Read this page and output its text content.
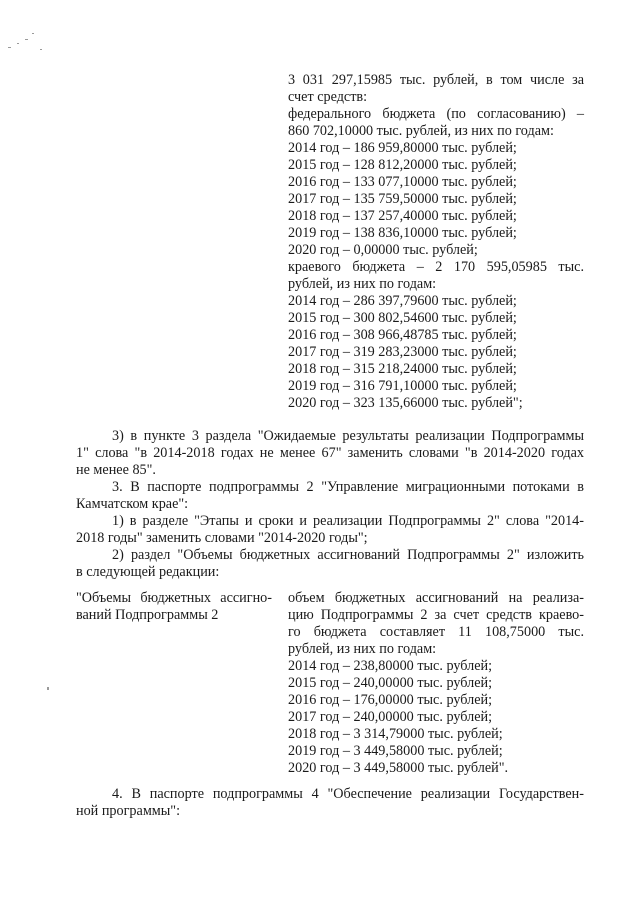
3 031 297,15985 тыс. рублей, в том числе за
счет средств:
федерального бюджета (по согласованию) –
860 702,10000 тыс. рублей, из них по годам:
2014 год – 186 959,80000 тыс. рублей;
2015 год – 128 812,20000 тыс. рублей;
2016 год – 133 077,10000 тыс. рублей;
2017 год – 135 759,50000 тыс. рублей;
2018 год – 137 257,40000 тыс. рублей;
2019 год – 138 836,10000 тыс. рублей;
2020 год – 0,00000 тыс. рублей;
краевого бюджета – 2 170 595,05985 тыс.
рублей, из них по годам:
2014 год – 286 397,79600 тыс. рублей;
2015 год – 300 802,54600 тыс. рублей;
2016 год – 308 966,48785 тыс. рублей;
2017 год – 319 283,23000 тыс. рублей;
2018 год – 315 218,24000 тыс. рублей;
2019 год – 316 791,10000 тыс. рублей;
2020 год – 323 135,66000 тыс. рублей";
3) в пункте 3 раздела "Ожидаемые результаты реализации Подпрограммы
1" слова "в 2014-2018 годах не менее 67" заменить словами "в 2014-2020 годах
не менее 85".
3. В паспорте подпрограммы 2 "Управление миграционными потоками в
Камчатском крае":
1) в разделе "Этапы и сроки и реализации Подпрограммы 2" слова "2014-
2018 годы" заменить словами "2014-2020 годы";
2) раздел "Объемы бюджетных ассигнований Подпрограммы 2" изложить
в следующей редакции:
"Объемы бюджетных ассигно-
ваний Подпрограммы 2
объем бюджетных ассигнований на реализа-
цию Подпрограммы 2 за счет средств краево-
го бюджета составляет 11 108,75000 тыс.
рублей, из них по годам:
2014 год – 238,80000 тыс. рублей;
2015 год – 240,00000 тыс. рублей;
2016 год – 176,00000 тыс. рублей;
2017 год – 240,00000 тыс. рублей;
2018 год – 3 314,79000 тыс. рублей;
2019 год – 3 449,58000 тыс. рублей;
2020 год – 3 449,58000 тыс. рублей".
4. В паспорте подпрограммы 4 "Обеспечение реализации Государствен-
ной программы":
